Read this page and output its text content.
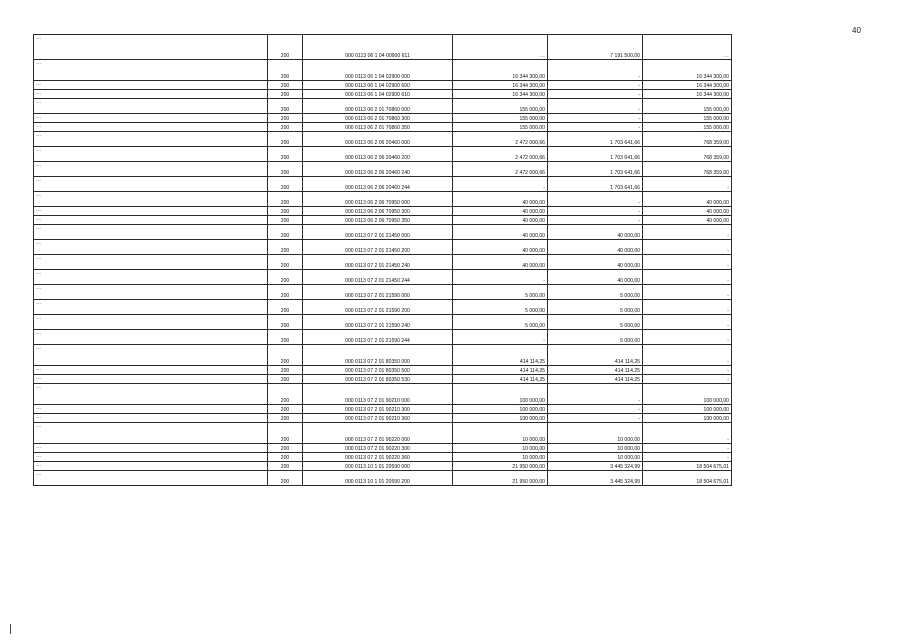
40
…	200	000 0113 06 1 04 00900 611	…	7 191 500,00	…
…	200	000 0113 06 1 04 02900 000	16 344 300,00	-	16 344 300,00
…	200	000 0113 06 1 04 02900 600	16 344 300,00	-	16 344 300,00
…	200	000 0113 06 1 04 02900 610	16 344 300,00	-	16 344 300,00
…	200	000 0113 06 2 01 70860 000	155 000,00	-	155 000,00
…	200	000 0113 06 2 01 70860 300	155 000,00	-	155 000,00
…	200	000 0113 06 2 01 70860 350	155 000,00	-	155 000,00
…	200	000 0113 06 2 06 20460 000	2 472 000,66	1 703 641,66	768 359,00
…	200	000 0113 06 2 06 20460 200	2 472 000,66	1 703 641,66	768 359,00
…	200	000 0113 06 2 06 20460 240	2 472 000,66	1 703 641,66	768 359,00
…	200	000 0113 06 2 06 20460 244	-	1 703 641,66	-
…	200	000 0113 06 2 06 70950 000	40 000,00	-	40 000,00
…	200	000 0113 06 2 06 70950 300	40 000,00	-	40 000,00
…	200	000 0113 06 2 06 70950 350	40 000,00	-	40 000,00
…	200	000 0113 07 2 01 21450 000	40 000,00	40 000,00	-
…	200	000 0113 07 2 01 21450 200	40 000,00	40 000,00	-
…	200	000 0113 07 2 01 21450 240	40 000,00	40 000,00	-
…	200	000 0113 07 2 01 21450 244	-	40 000,00	-
…	200	000 0113 07 2 01 21590 000	5 000,00	5 000,00	-
…	200	000 0113 07 2 01 21590 200	5 000,00	5 000,00	-
…	200	000 0113 07 2 01 21590 240	5 000,00	5 000,00	-
…	200	000 0113 07 2 01 21590 244	-	5 000,00	-
…	200	000 0113 07 2 01 80350 000	414 114,25	414 114,25	-
…	200	000 0113 07 2 01 80350 500	414 114,25	414 114,25	-
…	200	000 0113 07 2 01 80350 530	414 114,25	414 114,25	-
…	200	000 0113 07 2 01 90210 000	100 000,00	-	100 000,00
…	200	000 0113 07 2 01 90210 300	100 000,00	-	100 000,00
…	200	000 0113 07 2 01 90210 360	100 000,00	-	100 000,00
…	200	000 0113 07 2 01 90220 000	10 000,00	10 000,00	-
…	200	000 0113 07 2 01 90220 300	10 000,00	10 000,00	-
…	200	000 0113 07 2 01 90220 360	10 000,00	10 000,00	-
…	200	000 0113 10 1 01 20590 000	21 950 000,00	3 445 324,99	18 504 675,01
…	200	000 0113 10 1 01 20590 200	21 950 000,00	3 445 324,99	18 504 675,01
